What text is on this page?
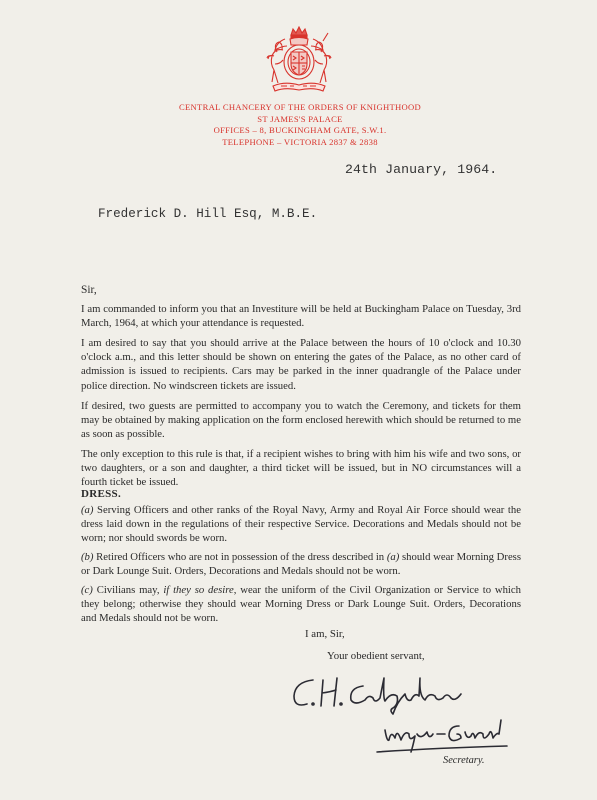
CENTRAL CHANCERY OF THE ORDERS OF KNIGHTHOOD
ST JAMES'S PALACE
OFFICES – 8, BUCKINGHAM GATE, S.W.1.
TELEPHONE – VICTORIA 2837 & 2838
24th January, 1964.
Frederick D. Hill Esq, M.B.E.
Sir,

I am commanded to inform you that an Investiture will be held at Buckingham Palace on Tuesday, 3rd March, 1964, at which your attendance is requested.

I am desired to say that you should arrive at the Palace between the hours of 10 o'clock and 10.30 o'clock a.m., and this letter should be shown on entering the gates of the Palace, as no other card of admission is issued to recipients. Cars may be parked in the inner quadrangle of the Palace under police direction. No windscreen tickets are issued.

If desired, two guests are permitted to accompany you to watch the Ceremony, and tickets for them may be obtained by making application on the form enclosed herewith which should be returned to me as soon as possible.

The only exception to this rule is that, if a recipient wishes to bring with him his wife and two sons, or two daughters, or a son and daughter, a third ticket will be issued, but in NO circumstances will a fourth ticket be issued.

DRESS.

(a) Serving Officers and other ranks of the Royal Navy, Army and Royal Air Force should wear the dress laid down in the regulations of their respective Service. Decorations and Medals should not be worn; nor should swords be worn.

(b) Retired Officers who are not in possession of the dress described in (a) should wear Morning Dress or Dark Lounge Suit. Orders, Decorations and Medals should not be worn.

(c) Civilians may, if they so desire, wear the uniform of the Civil Organization or Service to which they belong; otherwise they should wear Morning Dress or Dark Lounge Suit. Orders, Decorations and Medals should not be worn.

I am, Sir,
Your obedient servant,
Secretary.
